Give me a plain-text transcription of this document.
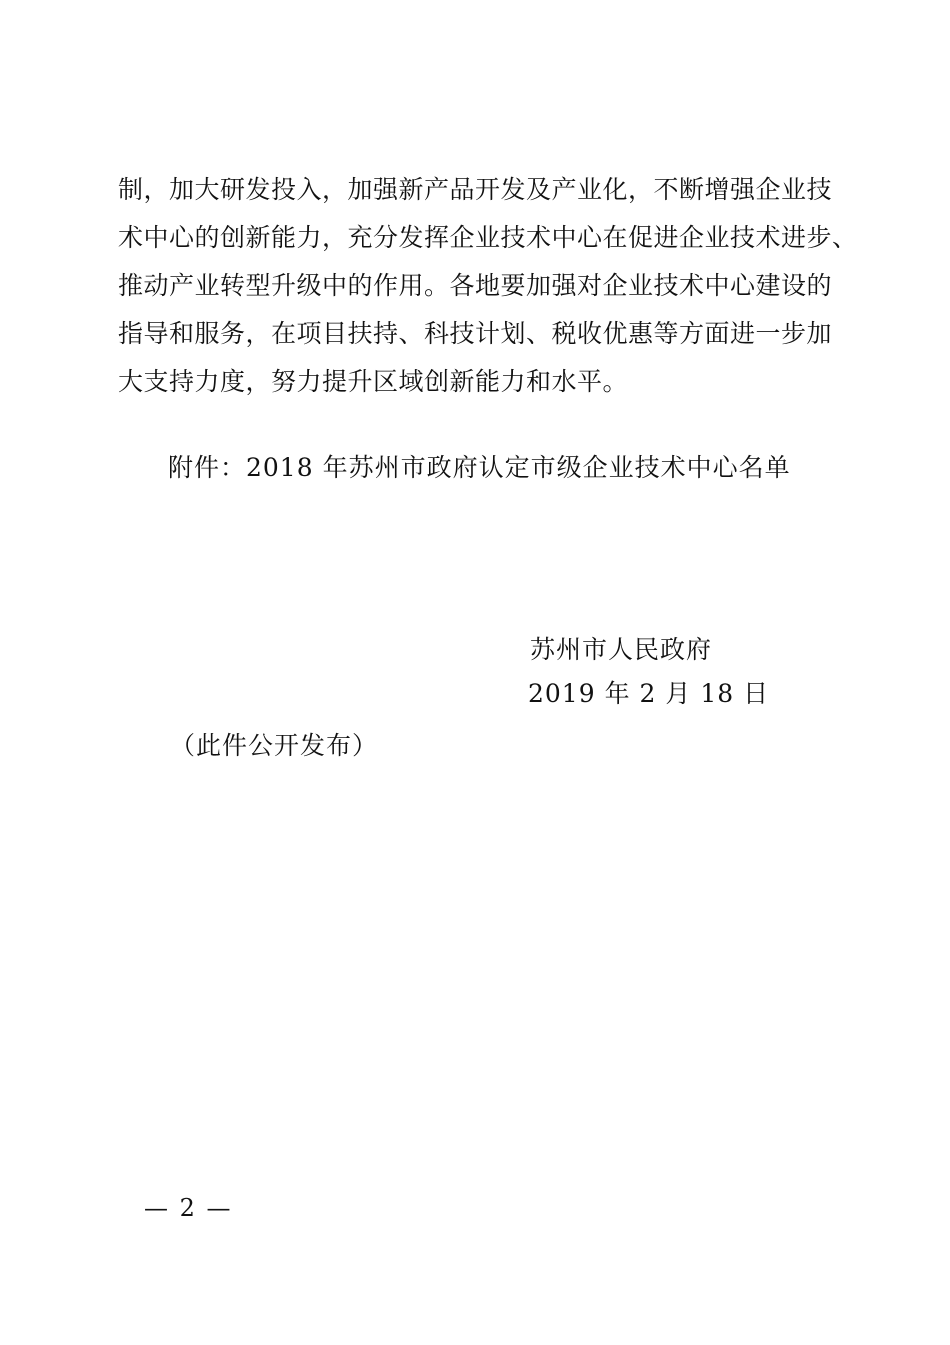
制，加大研发投入，加强新产品开发及产业化，不断增强企业技
术中心的创新能力，充分发挥企业技术中心在促进企业技术进步、
推动产业转型升级中的作用。各地要加强对企业技术中心建设的
指导和服务，在项目扶持、科技计划、税收优惠等方面进一步加
大支持力度，努力提升区域创新能力和水平。
附件：2018 年苏州市政府认定市级企业技术中心名单
苏州市人民政府
2019 年 2 月 18 日
（此件公开发布）
— 2 —
